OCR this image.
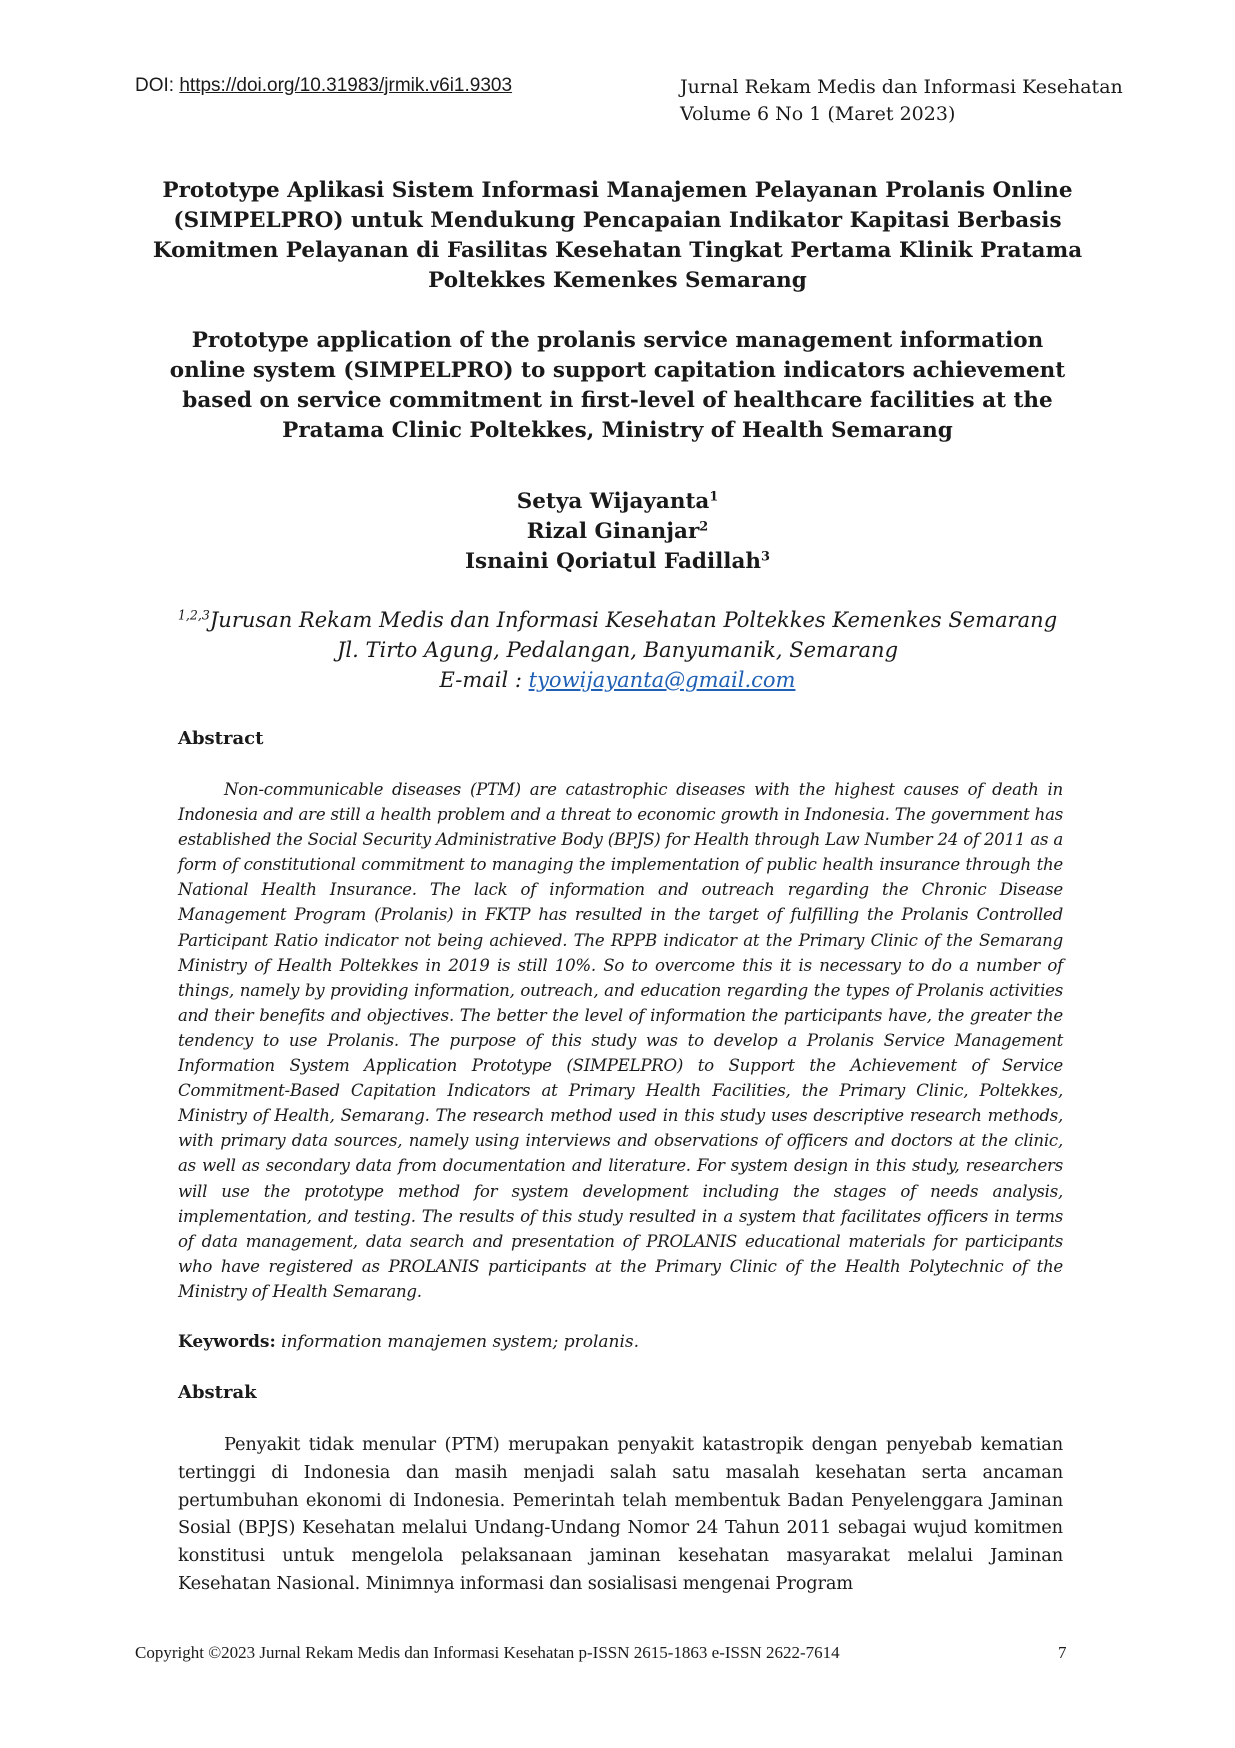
DOI: https://doi.org/10.31983/jrmik.v6i1.9303	Jurnal Rekam Medis dan Informasi Kesehatan
Volume 6 No 1 (Maret 2023)
Prototype Aplikasi Sistem Informasi Manajemen Pelayanan Prolanis Online
(SIMPELPRO) untuk Mendukung Pencapaian Indikator Kapitasi Berbasis
Komitmen Pelayanan di Fasilitas Kesehatan Tingkat Pertama Klinik Pratama
Poltekkes Kemenkes Semarang
Prototype application of the prolanis service management information
online system (SIMPELPRO) to support capitation indicators achievement
based on service commitment in first-level of healthcare facilities at the
Pratama Clinic Poltekkes, Ministry of Health Semarang
Setya Wijayanta$^1$
Rizal Ginanjar$^2$
Isnaini Qoriatul Fadillah$^3$
$^{1,2,3}$Jurusan Rekam Medis dan Informasi Kesehatan Poltekkes Kemenkes Semarang
Jl. Tirto Agung, Pedalangan, Banyumanik, Semarang
E-mail : tyowijayanta@gmail.com
Abstract

Non-communicable diseases (PTM) are catastrophic diseases with the highest causes of death in Indonesia and are still a health problem and a threat to economic growth in Indonesia. The government has established the Social Security Administrative Body (BPJS) for Health through Law Number 24 of 2011 as a form of constitutional commitment to managing the implementation of public health insurance through the National Health Insurance. The lack of information and outreach regarding the Chronic Disease Management Program (Prolanis) in FKTP has resulted in the target of fulfilling the Prolanis Controlled Participant Ratio indicator not being achieved. The RPPB indicator at the Primary Clinic of the Semarang Ministry of Health Poltekkes in 2019 is still 10%. So to overcome this it is necessary to do a number of things, namely by providing information, outreach, and education regarding the types of Prolanis activities and their benefits and objectives. The better the level of information the participants have, the greater the tendency to use Prolanis. The purpose of this study was to develop a Prolanis Service Management Information System Application Prototype (SIMPELPRO) to Support the Achievement of Service Commitment-Based Capitation Indicators at Primary Health Facilities, the Primary Clinic, Poltekkes, Ministry of Health, Semarang. The research method used in this study uses descriptive research methods, with primary data sources, namely using interviews and observations of officers and doctors at the clinic, as well as secondary data from documentation and literature. For system design in this study, researchers will use the prototype method for system development including the stages of needs analysis, implementation, and testing. The results of this study resulted in a system that facilitates officers in terms of data management, data search and presentation of PROLANIS educational materials for participants who have registered as PROLANIS participants at the Primary Clinic of the Health Polytechnic of the Ministry of Health Semarang.

Keywords: information manajemen system; prolanis.
Abstrak

Penyakit tidak menular (PTM) merupakan penyakit katastropik dengan penyebab kematian tertinggi di Indonesia dan masih menjadi salah satu masalah kesehatan serta ancaman pertumbuhan ekonomi di Indonesia. Pemerintah telah membentuk Badan Penyelenggara Jaminan Sosial (BPJS) Kesehatan melalui Undang-Undang Nomor 24 Tahun 2011 sebagai wujud komitmen konstitusi untuk mengelola pelaksanaan jaminan kesehatan masyarakat melalui Jaminan Kesehatan Nasional. Minimnya informasi dan sosialisasi mengenai Program

Copyright ©2023 Jurnal Rekam Medis dan Informasi Kesehatan p-ISSN 2615-1863 e-ISSN 2622-7614	7
